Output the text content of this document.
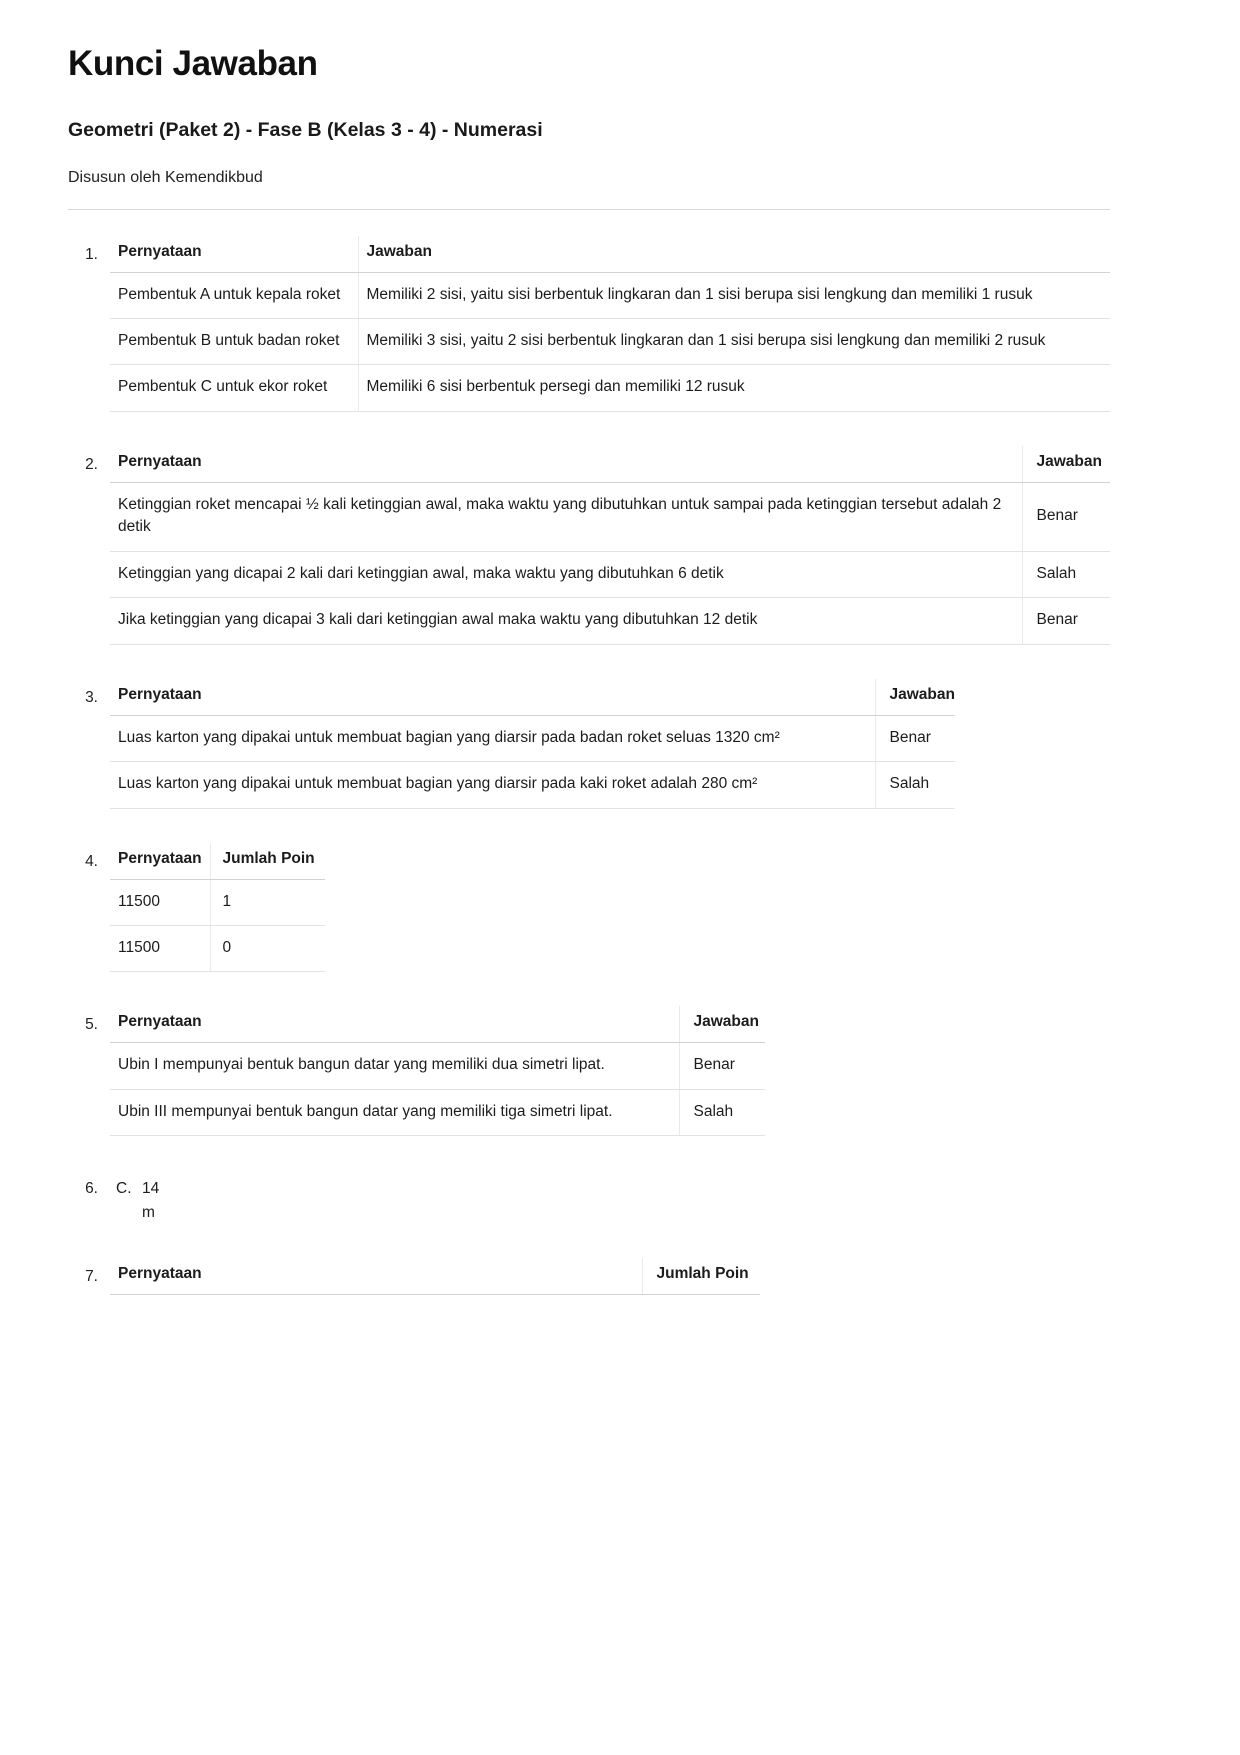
Kunci Jawaban
Geometri (Paket 2) - Fase B (Kelas 3 - 4) - Numerasi
Disusun oleh Kemendikbud
1.	Pernyataan	Jawaban
Pembentuk A untuk kepala roket	Memiliki 2 sisi, yaitu sisi berbentuk lingkaran dan 1 sisi berupa sisi lengkung dan memiliki 1 rusuk
Pembentuk B untuk badan roket	Memiliki 3 sisi, yaitu 2 sisi berbentuk lingkaran dan 1 sisi berupa sisi lengkung dan memiliki 2 rusuk
Pembentuk C untuk ekor roket	Memiliki 6 sisi berbentuk persegi dan memiliki 12 rusuk
2.	Pernyataan	Jawaban
Ketinggian roket mencapai ½ kali ketinggian awal, maka waktu yang dibutuhkan untuk sampai pada ketinggian tersebut adalah 2 detik	Benar
Ketinggian yang dicapai 2 kali dari ketinggian awal, maka waktu yang dibutuhkan 6 detik	Salah
Jika ketinggian yang dicapai 3 kali dari ketinggian awal maka waktu yang dibutuhkan 12 detik	Benar
3.	Pernyataan	Jawaban
Luas karton yang dipakai untuk membuat bagian yang diarsir pada badan roket seluas 1320 cm²	Benar
Luas karton yang dipakai untuk membuat bagian yang diarsir pada kaki roket adalah 280 cm²	Salah
4.	Pernyataan	Jumlah Poin
11500	1
11500	0
5.	Pernyataan	Jawaban
Ubin I mempunyai bentuk bangun datar yang memiliki dua simetri lipat.	Benar
Ubin III mempunyai bentuk bangun datar yang memiliki tiga simetri lipat.	Salah
6.	C. 14 m
7.	Pernyataan	Jumlah Poin
